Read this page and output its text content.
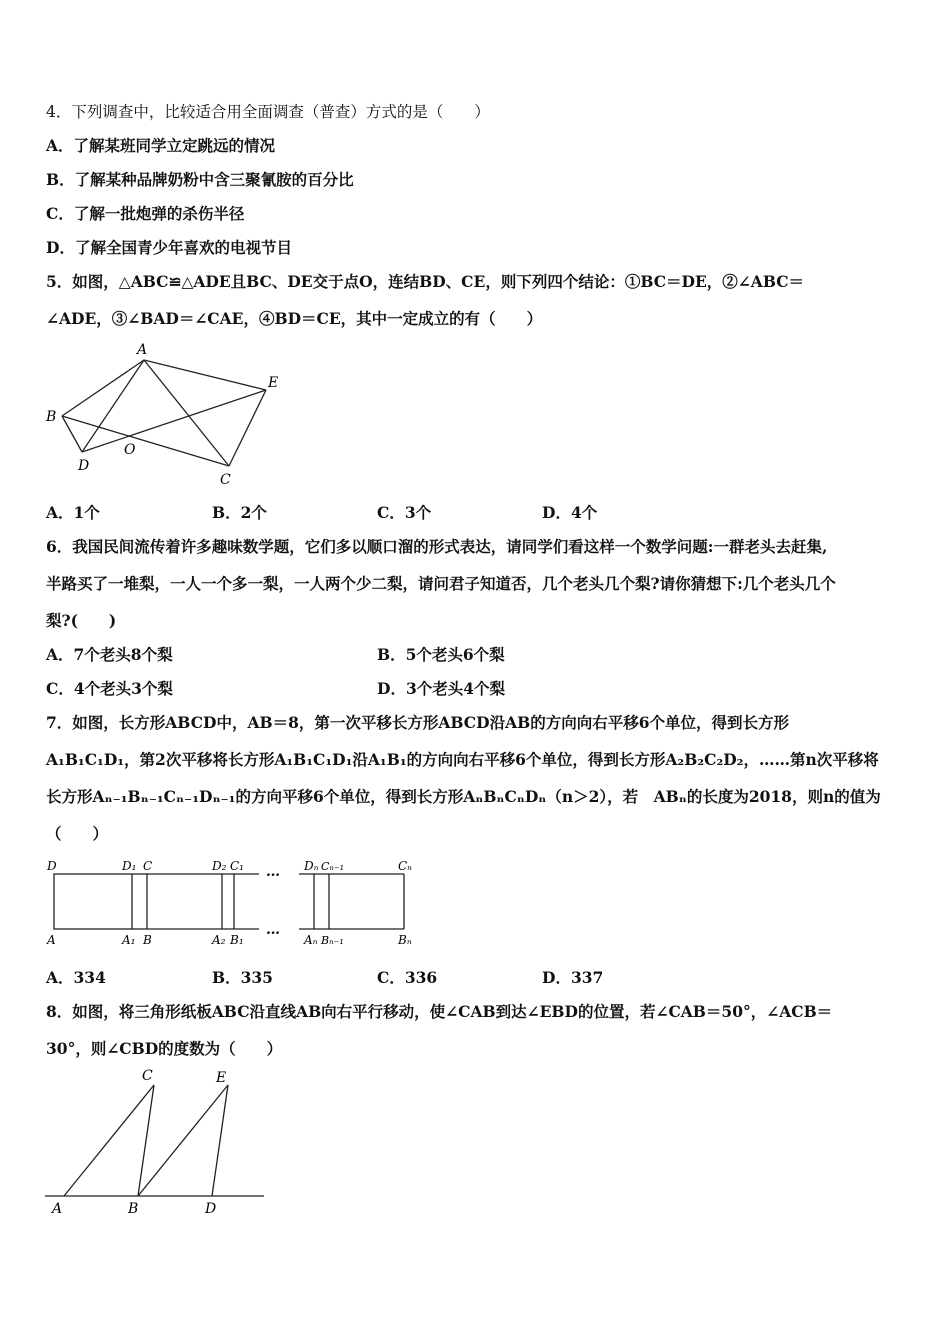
4．下列调查中，比较适合用全面调查（普查）方式的是（　　）
A．了解某班同学立定跳远的情况
B．了解某种品牌奶粉中含三聚氰胺的百分比
C．了解一批炮弹的杀伤半径
D．了解全国青少年喜欢的电视节目
5．如图，△ABC≌△ADE且BC、DE交于点O，连结BD、CE，则下列四个结论：①BC＝DE，②∠ABC＝
∠ADE，③∠BAD＝∠CAE，④BD＝CE，其中一定成立的有（　　）
A
B
C
D
E
O
A．1个	B．2个	C．3个	D．4个
6．我国民间流传着许多趣味数学题，它们多以顺口溜的形式表达，请同学们看这样一个数学问题:一群老头去赶集,
半路买了一堆梨，一人一个多一梨，一人两个少二梨，请问君子知道否，几个老头几个梨?请你猜想下:几个老头几个
梨?(　　)
A．7个老头8个梨	B．5个老头6个梨
C．4个老头3个梨	D．3个老头4个梨
7．如图，长方形ABCD中，AB＝8，第一次平移长方形ABCD沿AB的方向向右平移6个单位，得到长方形
A₁B₁C₁D₁，第2次平移将长方形A₁B₁C₁D₁沿A₁B₁的方向向右平移6个单位，得到长方形A₂B₂C₂D₂，……第n次平移将
长方形Aₙ₋₁Bₙ₋₁Cₙ₋₁Dₙ₋₁的方向平移6个单位，得到长方形AₙBₙCₙDₙ（n＞2），若　ABₙ的长度为2018，则n的值为
（　　）
D	D₁ C	D₂ C₁ … Dₙ Cₙ₋₁	Cₙ
A	A₁ B	A₂ B₁
…
Aₙ Bₙ₋₁	Bₙ
A．334	B．335	C．336	D．337
8．如图，将三角形纸板ABC沿直线AB向右平行移动，使∠CAB到达∠EBD的位置，若∠CAB＝50°，∠ACB＝
30°，则∠CBD的度数为（　　）
C	E
A	B	D
